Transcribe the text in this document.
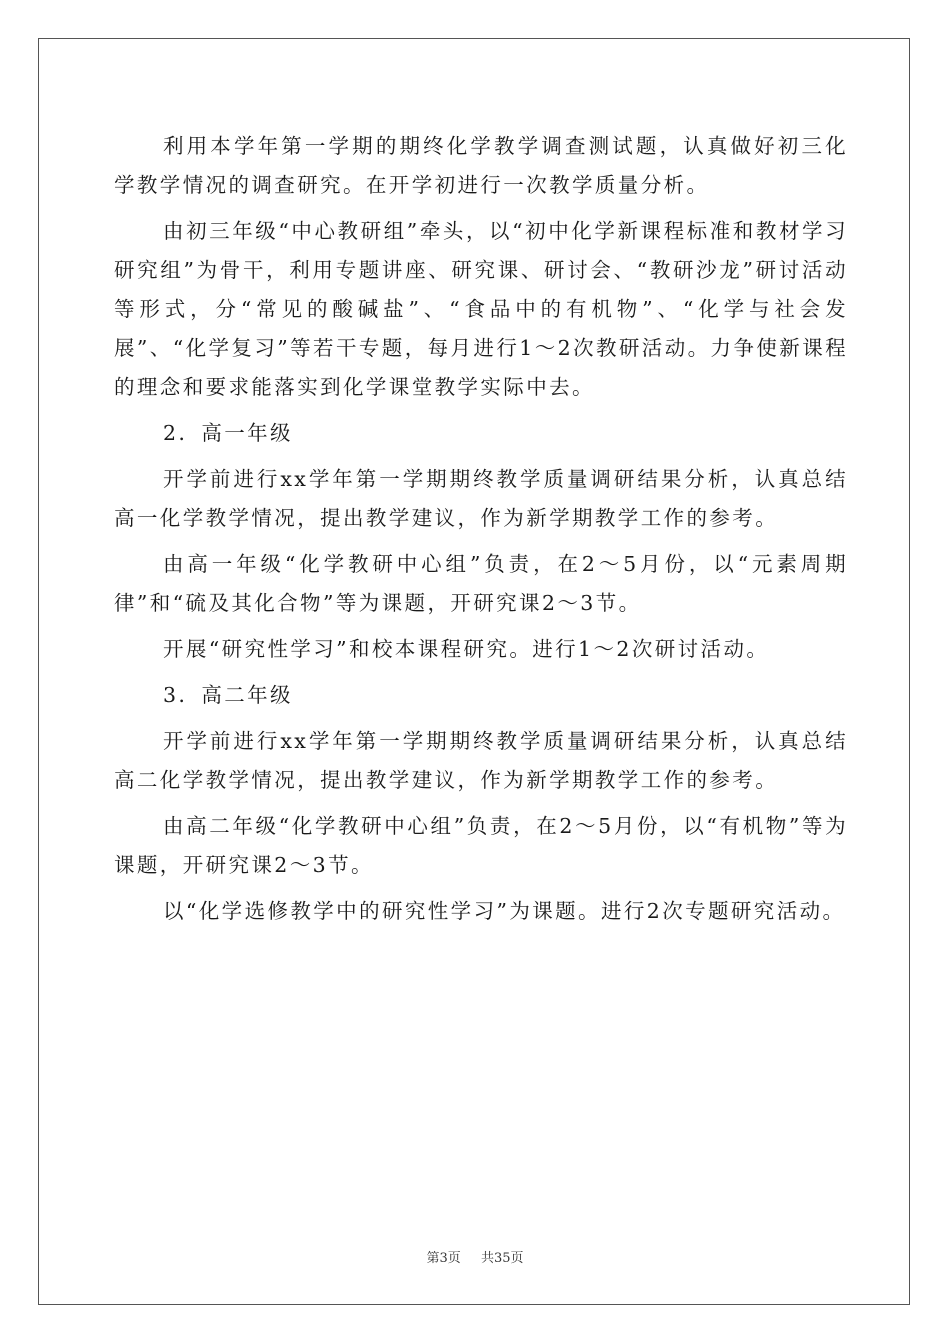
利用本学年第一学期的期终化学教学调查测试题，认真做好初三化学教学情况的调查研究。在开学初进行一次教学质量分析。

由初三年级“中心教研组”牵头，以“初中化学新课程标准和教材学习研究组”为骨干，利用专题讲座、研究课、研讨会、“教研沙龙”研讨活动等形式，分“常见的酸碱盐”、“食品中的有机物”、“化学与社会发展”、“化学复习”等若干专题，每月进行1～2次教研活动。力争使新课程的理念和要求能落实到化学课堂教学实际中去。

2．高一年级

开学前进行xx学年第一学期期终教学质量调研结果分析，认真总结高一化学教学情况，提出教学建议，作为新学期教学工作的参考。

由高一年级“化学教研中心组”负责，在2～5月份，以“元素周期律”和“硫及其化合物”等为课题，开研究课2～3节。

开展“研究性学习”和校本课程研究。进行1～2次研讨活动。

3．高二年级

开学前进行xx学年第一学期期终教学质量调研结果分析，认真总结高二化学教学情况，提出教学建议，作为新学期教学工作的参考。

由高二年级“化学教研中心组”负责，在2～5月份，以“有机物”等为课题，开研究课2～3节。

以“化学选修教学中的研究性学习”为课题。进行2次专题研究活动。

第3页 共35页
